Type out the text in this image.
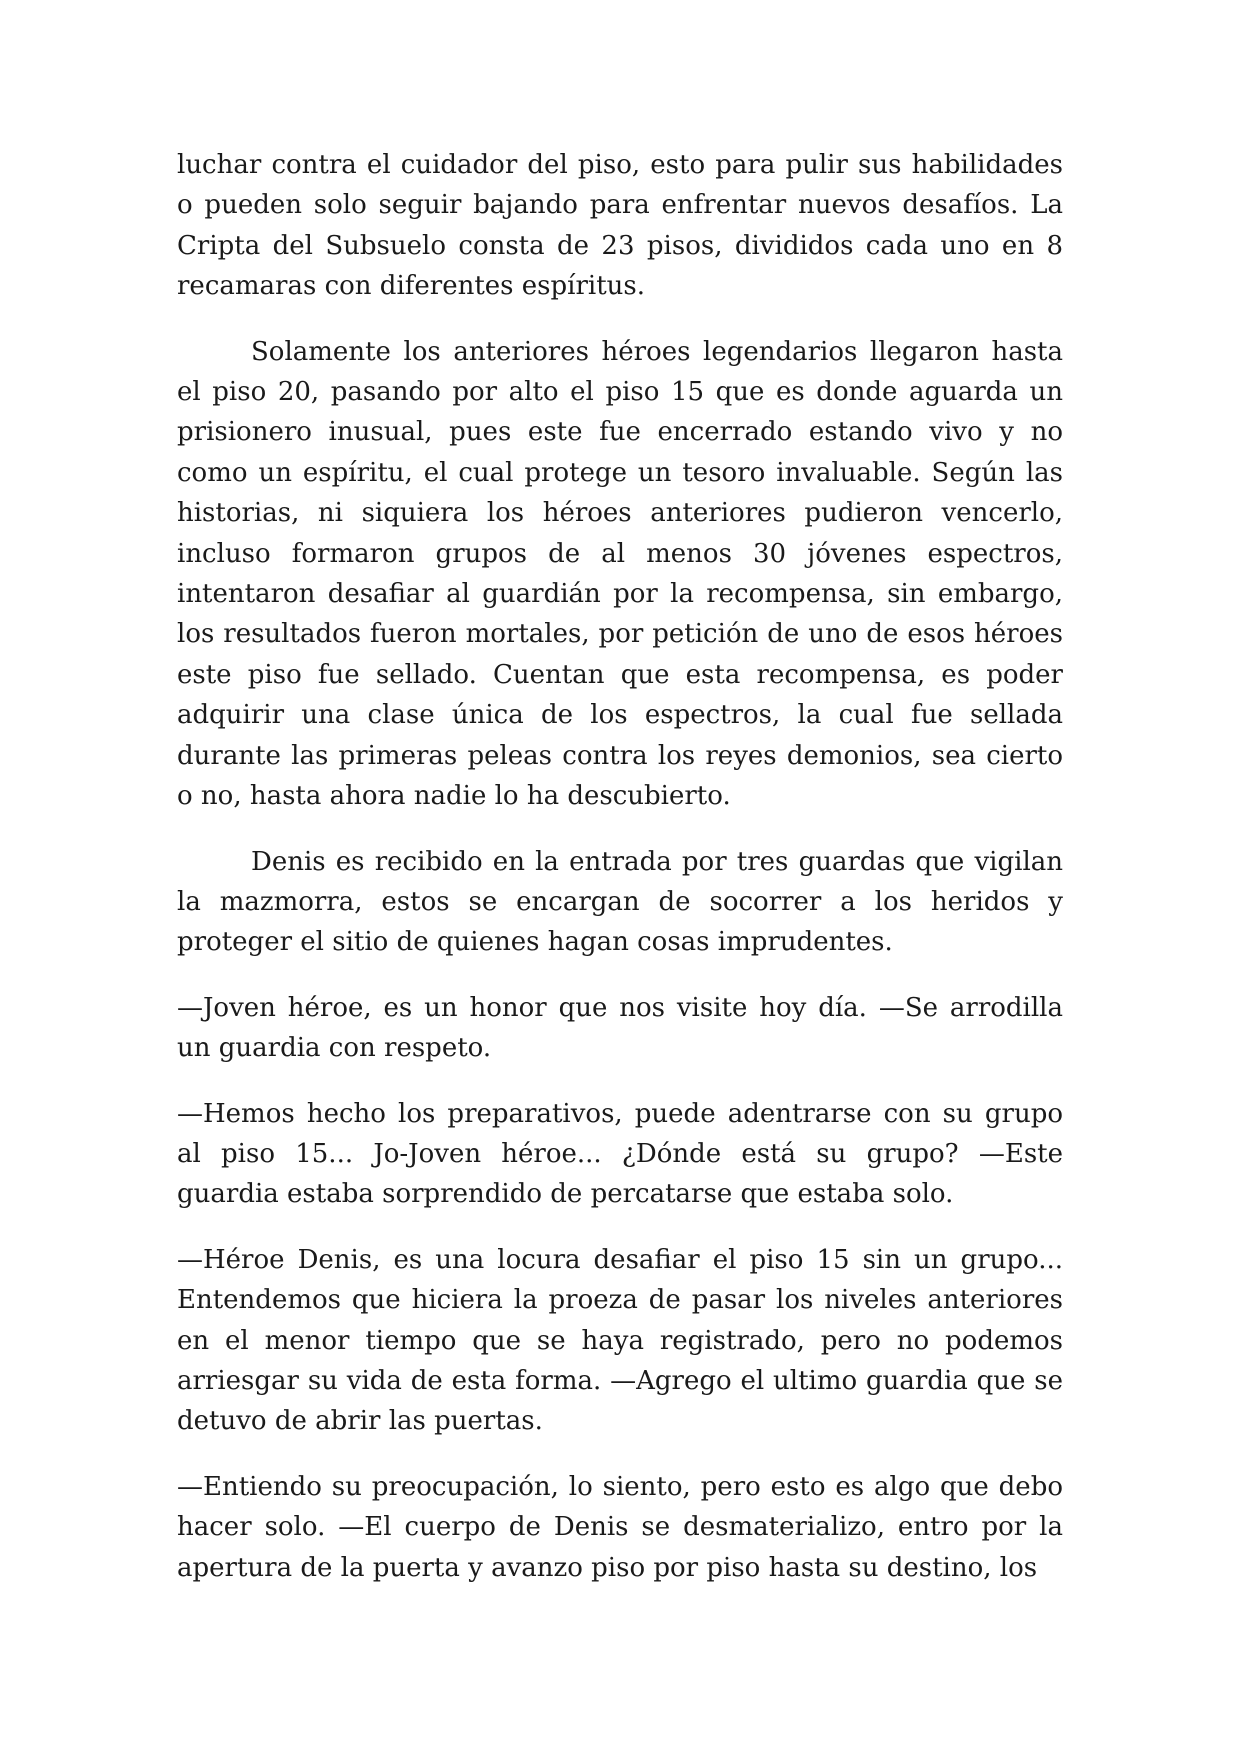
luchar contra el cuidador del piso, esto para pulir sus habilidades o pueden solo seguir bajando para enfrentar nuevos desafíos. La Cripta del Subsuelo consta de 23 pisos, divididos cada uno en 8 recamaras con diferentes espíritus.

Solamente los anteriores héroes legendarios llegaron hasta el piso 20, pasando por alto el piso 15 que es donde aguarda un prisionero inusual, pues este fue encerrado estando vivo y no como un espíritu, el cual protege un tesoro invaluable. Según las historias, ni siquiera los héroes anteriores pudieron vencerlo, incluso formaron grupos de al menos 30 jóvenes espectros, intentaron desafiar al guardián por la recompensa, sin embargo, los resultados fueron mortales, por petición de uno de esos héroes este piso fue sellado. Cuentan que esta recompensa, es poder adquirir una clase única de los espectros, la cual fue sellada durante las primeras peleas contra los reyes demonios, sea cierto o no, hasta ahora nadie lo ha descubierto.

Denis es recibido en la entrada por tres guardas que vigilan la mazmorra, estos se encargan de socorrer a los heridos y proteger el sitio de quienes hagan cosas imprudentes.

—Joven héroe, es un honor que nos visite hoy día. —Se arrodilla un guardia con respeto.

—Hemos hecho los preparativos, puede adentrarse con su grupo al piso 15... Jo-Joven héroe... ¿Dónde está su grupo? —Este guardia estaba sorprendido de percatarse que estaba solo.

—Héroe Denis, es una locura desafiar el piso 15 sin un grupo... Entendemos que hiciera la proeza de pasar los niveles anteriores en el menor tiempo que se haya registrado, pero no podemos arriesgar su vida de esta forma. —Agrego el ultimo guardia que se detuvo de abrir las puertas.

—Entiendo su preocupación, lo siento, pero esto es algo que debo hacer solo. —El cuerpo de Denis se desmaterializo, entro por la apertura de la puerta y avanzo piso por piso hasta su destino, los
